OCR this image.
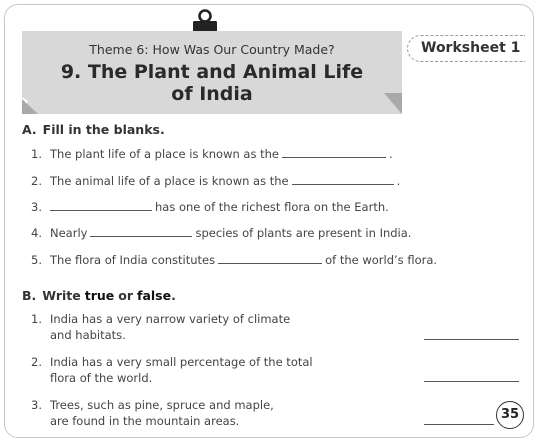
Theme 6: How Was Our Country Made?
9. The Plant and Animal Life
of India
Worksheet 1
A. Fill in the blanks.
1. The plant life of a place is known as the	.
2. The animal life of a place is known as the	.
3.	has one of the richest flora on the Earth.
4. Nearly	species of plants are present in India.
5. The flora of India constitutes	of the world’s flora.
B. Write true or false.
1. India has a very narrow variety of climate
and habitats.
2. India has a very small percentage of the total
flora of the world.
3. Trees, such as pine, spruce and maple,
are found in the mountain areas.	35
